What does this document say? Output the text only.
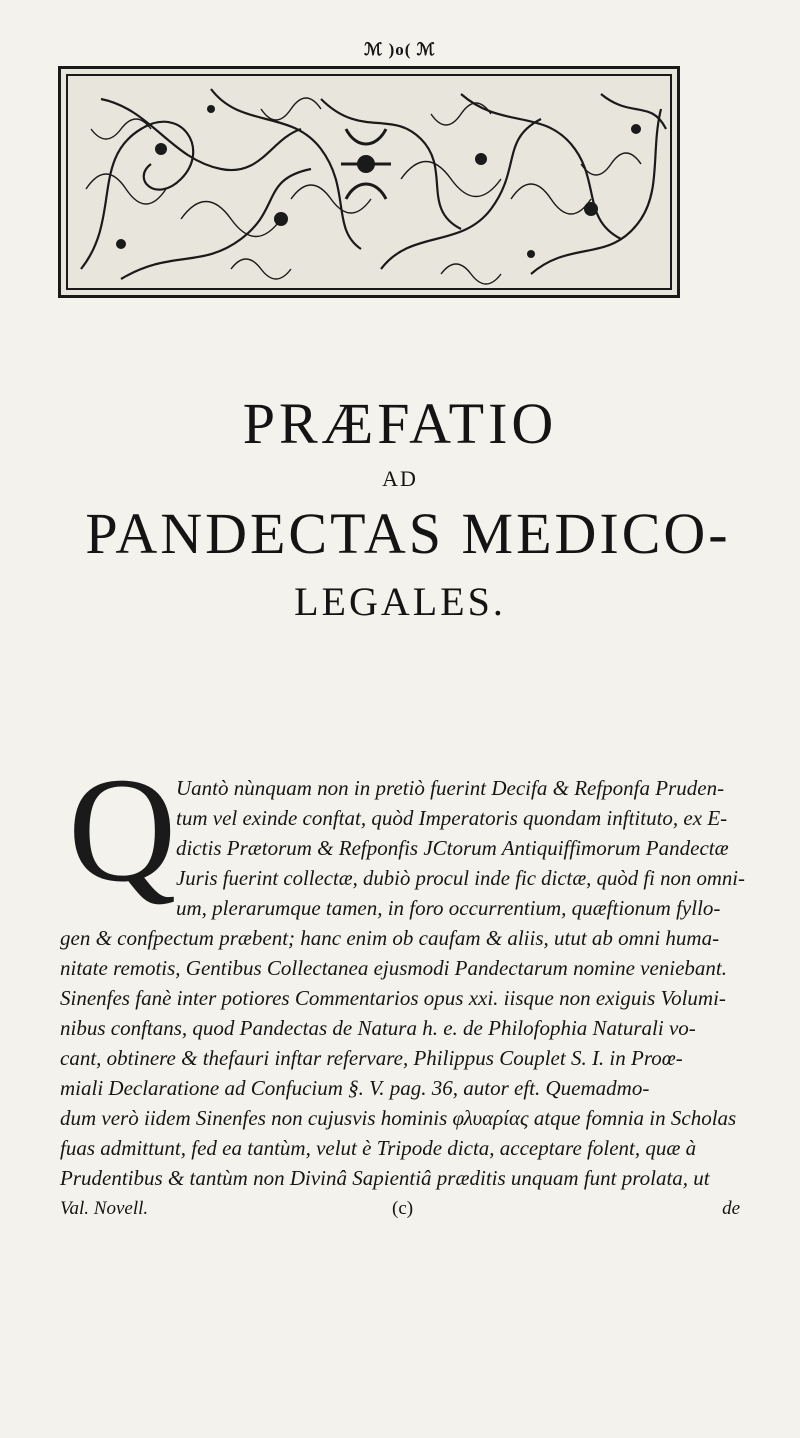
ℳ )o( ℳ
PRÆFATIO
AD
PANDECTAS MEDICO-
LEGALES.
Q Uantò nùnquam non in pretiò fuerint Decifa & Refponfa Pruden-
tum vel exinde conftat, quòd Imperatoris quondam inftituto, ex E-
dictis Prætorum & Refponfis JCtorum Antiquiffimorum Pandectæ
Juris fuerint collectæ, dubiò procul inde fic dictæ, quòd fi non omni-
um, plerarumque tamen, in foro occurrentium, quæftionum fyllo-
gen & confpectum præbent; hanc enim ob caufam & aliis, utut ab omni huma-
nitate remotis, Gentibus Collectanea ejusmodi Pandectarum nomine veniebant.
Sinenfes fanè inter potiores Commentarios opus xxi. iisque non exiguis Volumi-
nibus conftans, quod Pandectas de Natura h. e. de Philofophia Naturali vo-
cant, obtinere & thefauri inftar refervare, Philippus Couplet S. I. in Proœ-
miali Declaratione ad Confucium §. V. pag. 36, autor eft. Quemadmo-
dum verò iidem Sinenfes non cujusvis hominis φλυαρίας atque fomnia in Scholas
fuas admittunt, fed ea tantùm, velut è Tripode dicta, acceptare folent, quæ à
Prudentibus & tantùm non Divinâ Sapientiâ præditis unquam funt prolata, ut
Val. Novell.	(c)	de
